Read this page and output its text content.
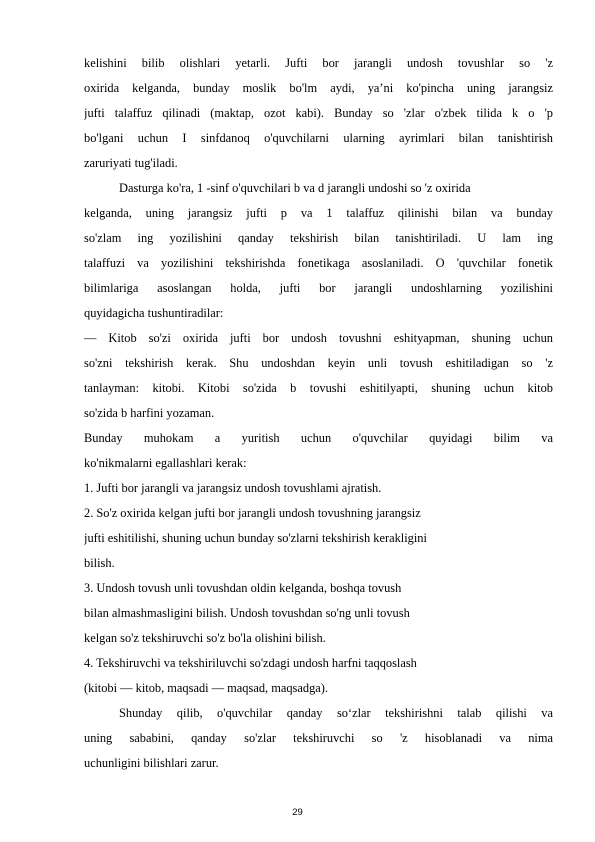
kelishini bilib olishlari yetarli. Jufti bor jarangli undosh tovushlar so 'z
oxirida kelganda, bunday moslik bo'lm aydi, ya’ni ko'pincha uning jarangsiz
jufti talaffuz qilinadi (maktap, ozot kabi). Bunday so 'zlar o'zbek tilida k o 'p
bo'lgani uchun I sinfdanoq o'quvchilarni ularning ayrimlari bilan tanishtirish
zaruriyati tug'iladi.
Dasturga ko'ra, 1 -sinf o'quvchilari b va d jarangli undoshi so 'z oxirida
kelganda, uning jarangsiz jufti p va 1 talaffuz qilinishi bilan va bunday
so'zlam ing yozilishini qanday tekshirish bilan tanishtiriladi. U lam ing
talaffuzi va yozilishini tekshirishda fonetikaga asoslaniladi. O 'quvchilar fonetik
bilimlariga asoslangan holda, jufti bor jarangli undoshlarning yozilishini
quyidagicha tushuntiradilar:
— Kitob so'zi oxirida jufti bor undosh tovushni eshityapman, shuning uchun
so'zni tekshirish kerak. Shu undoshdan keyin unli tovush eshitiladigan so 'z
tanlayman: kitobi. Kitobi so'zida b tovushi eshitilyapti, shuning uchun kitob
so'zida b harfini yozaman.
Bunday muhokam a yuritish uchun o'quvchilar quyidagi bilim va
ko'nikmalarni egallashlari kerak:
1. Jufti bor jarangli va jarangsiz undosh tovushlami ajratish.
2. So'z oxirida kelgan jufti bor jarangli undosh tovushning jarangsiz
jufti eshitilishi, shuning uchun bunday so'zlarni tekshirish kerakligini
bilish.
3. Undosh tovush unli tovushdan oldin kelganda, boshqa tovush
bilan almashmasligini bilish. Undosh tovushdan so'ng unli tovush
kelgan so'z tekshiruvchi so'z bo'la olishini bilish.
4. Tekshiruvchi va tekshiriluvchi so'zdagi undosh harfni taqqoslash
(kitobi — kitob, maqsadi — maqsad, maqsadga).
Shunday qilib, o'quvchilar qanday so‘zlar tekshirishni talab qilishi va
uning sababini, qanday so'zlar tekshiruvchi so 'z hisoblanadi va nima
uchunligini bilishlari zarur.
29
